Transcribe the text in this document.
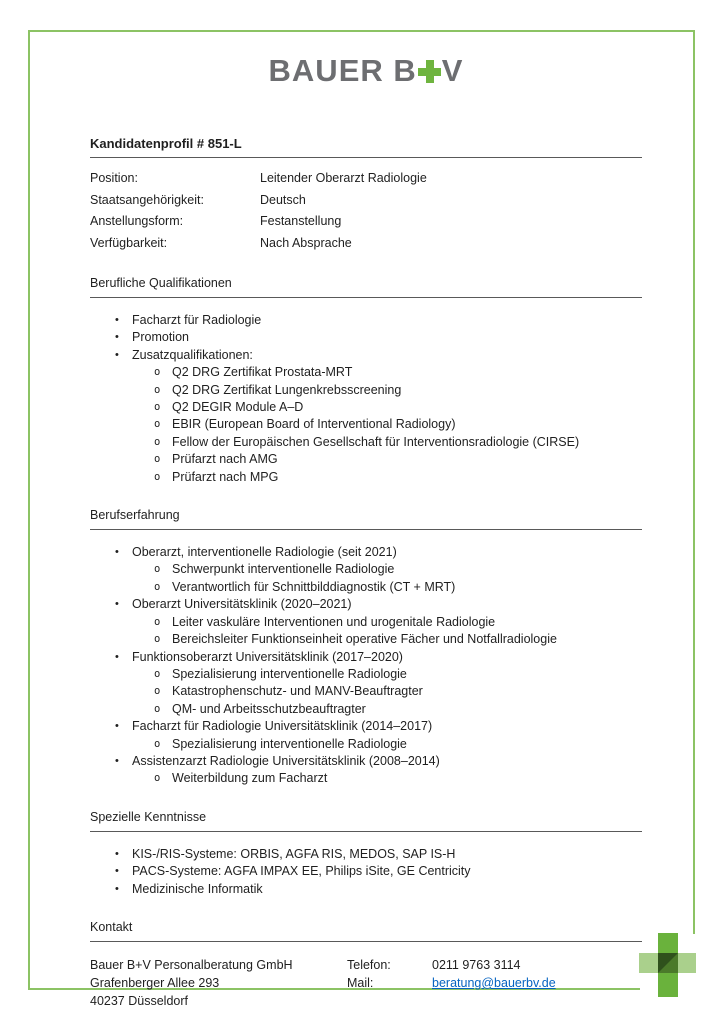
BAUER B V
Kandidatenprofil # 851-L
Position:	Leitender Oberarzt Radiologie
Staatsangehörigkeit:	Deutsch
Anstellungsform:	Festanstellung
Verfügbarkeit:	Nach Absprache
Berufliche Qualifikationen
•	Facharzt für Radiologie
•	Promotion
•	Zusatzqualifikationen:
o Q2 DRG Zertifikat Prostata-MRT
o Q2 DRG Zertifikat Lungenkrebsscreening
o Q2 DEGIR Module A–D
o EBIR (European Board of Interventional Radiology)
o Fellow der Europäischen Gesellschaft für Interventionsradiologie (CIRSE)
o Prüfarzt nach AMG
o Prüfarzt nach MPG
Berufserfahrung
•	Oberarzt, interventionelle Radiologie (seit 2021)
o Schwerpunkt interventionelle Radiologie
o Verantwortlich für Schnittbilddiagnostik (CT + MRT)
•	Oberarzt Universitätsklinik (2020–2021)
o Leiter vaskuläre Interventionen und urogenitale Radiologie
o Bereichsleiter Funktionseinheit operative Fächer und Notfallradiologie
•	Funktionsoberarzt Universitätsklinik (2017–2020)
o Spezialisierung interventionelle Radiologie
o Katastrophenschutz- und MANV-Beauftragter
o QM- und Arbeitsschutzbeauftragter
•	Facharzt für Radiologie Universitätsklinik (2014–2017)
o Spezialisierung interventionelle Radiologie
•	Assistenzarzt Radiologie Universitätsklinik (2008–2014)
o Weiterbildung zum Facharzt
Spezielle Kenntnisse
•	KIS-/RIS-Systeme: ORBIS, AGFA RIS, MEDOS, SAP IS-H
•	PACS-Systeme: AGFA IMPAX EE, Philips iSite, GE Centricity
•	Medizinische Informatik
Kontakt
Bauer B+V Personalberatung GmbH
Grafenberger Allee 293
40237 Düsseldorf
Telefon:	0211 9763 3114
Mail:	beratung@bauerbv.de
